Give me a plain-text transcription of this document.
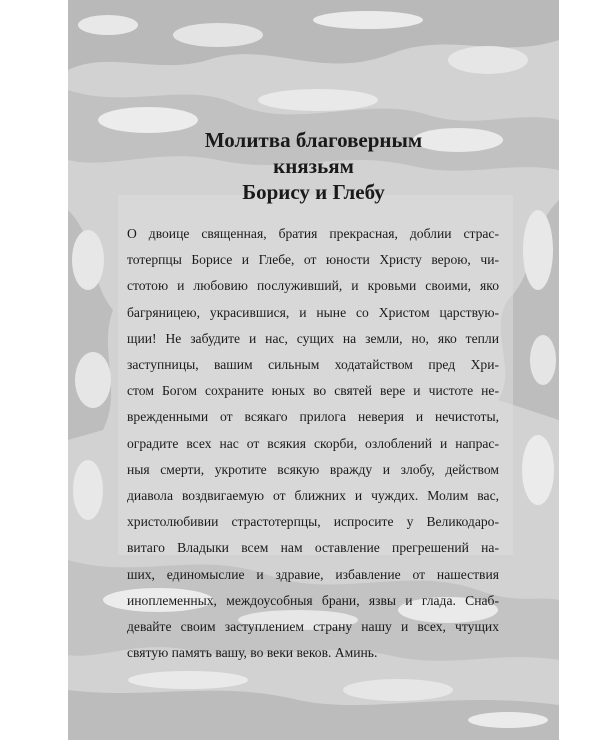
Молитва благоверным
князьям
Борису и Глебу

О двоице священная, братия прекрасная, доблии страс-
тотерпцы Борисе и Глебе, от юности Христу верою, чи-
стотою и любовию послуживший, и кровьми своими, яко
багряницею, украсившися, и ныне со Христом царствую-
щии! Не забудите и нас, сущих на земли, но, яко тепли
заступницы, вашим сильным ходатайством пред Хри-
стом Богом сохраните юных во святей вере и чистоте не-
врежденными от всякаго прилога неверия и нечистоты,
оградите всех нас от всякия скорби, озлоблений и напрас-
ныя смерти, укротите всякую вражду и злобу, действом
диавола воздвигаемую от ближних и чуждих. Молим вас,
христолюбивии страстотерпцы, испросите у Великодаро-
витаго Владыки всем нам оставление прегрешений на-
ших, единомыслие и здравие, избавление от нашествия
иноплеменных, междоусобныя брани, язвы и глада. Снаб-
девайте своим заступлением страну нашу и всех, чтущих
святую память вашу, во веки веков. Аминь.
